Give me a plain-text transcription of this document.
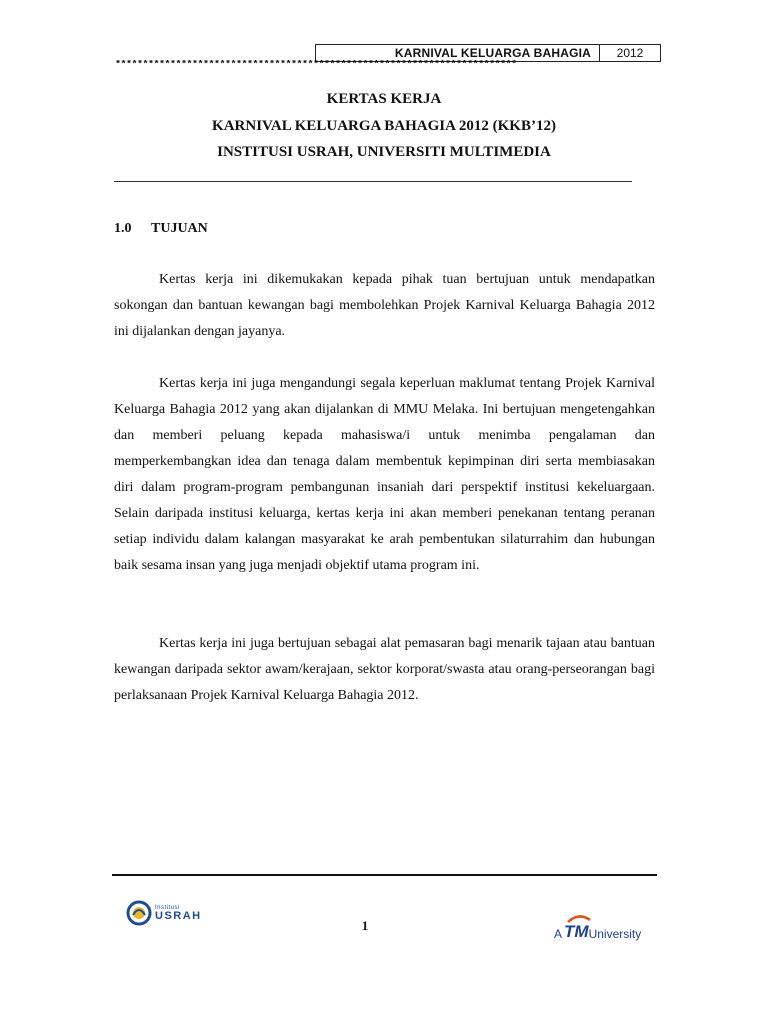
KARNIVAL KELUARGA BAHAGIA	2012
*************************************************************************
KERTAS KERJA
KARNIVAL KELUARGA BAHAGIA 2012 (KKB’12)
INSTITUSI USRAH, UNIVERSITI MULTIMEDIA
1.0	TUJUAN

Kertas kerja ini dikemukakan kepada pihak tuan bertujuan untuk mendapatkan sokongan dan bantuan kewangan bagi membolehkan Projek Karnival Keluarga Bahagia 2012 ini dijalankan dengan jayanya.

Kertas kerja ini juga mengandungi segala keperluan maklumat tentang Projek Karnival Keluarga Bahagia 2012 yang akan dijalankan di MMU Melaka. Ini bertujuan mengetengahkan dan memberi peluang kepada mahasiswa/i untuk menimba pengalaman dan memperkembangkan idea dan tenaga dalam membentuk kepimpinan diri serta membiasakan diri dalam program-program pembangunan insaniah dari perspektif institusi kekeluargaan. Selain daripada institusi keluarga, kertas kerja ini akan memberi penekanan tentang peranan setiap individu dalam kalangan masyarakat ke arah pembentukan silaturrahim dan hubungan baik sesama insan yang juga menjadi objektif utama program ini.

Kertas kerja ini juga bertujuan sebagai alat pemasaran bagi menarik tajaan atau bantuan kewangan daripada sektor awam/kerajaan, sektor korporat/swasta atau orang-perseorangan bagi perlaksanaan Projek Karnival Keluarga Bahagia 2012.

Institusi
USRAH
1
A TM University
